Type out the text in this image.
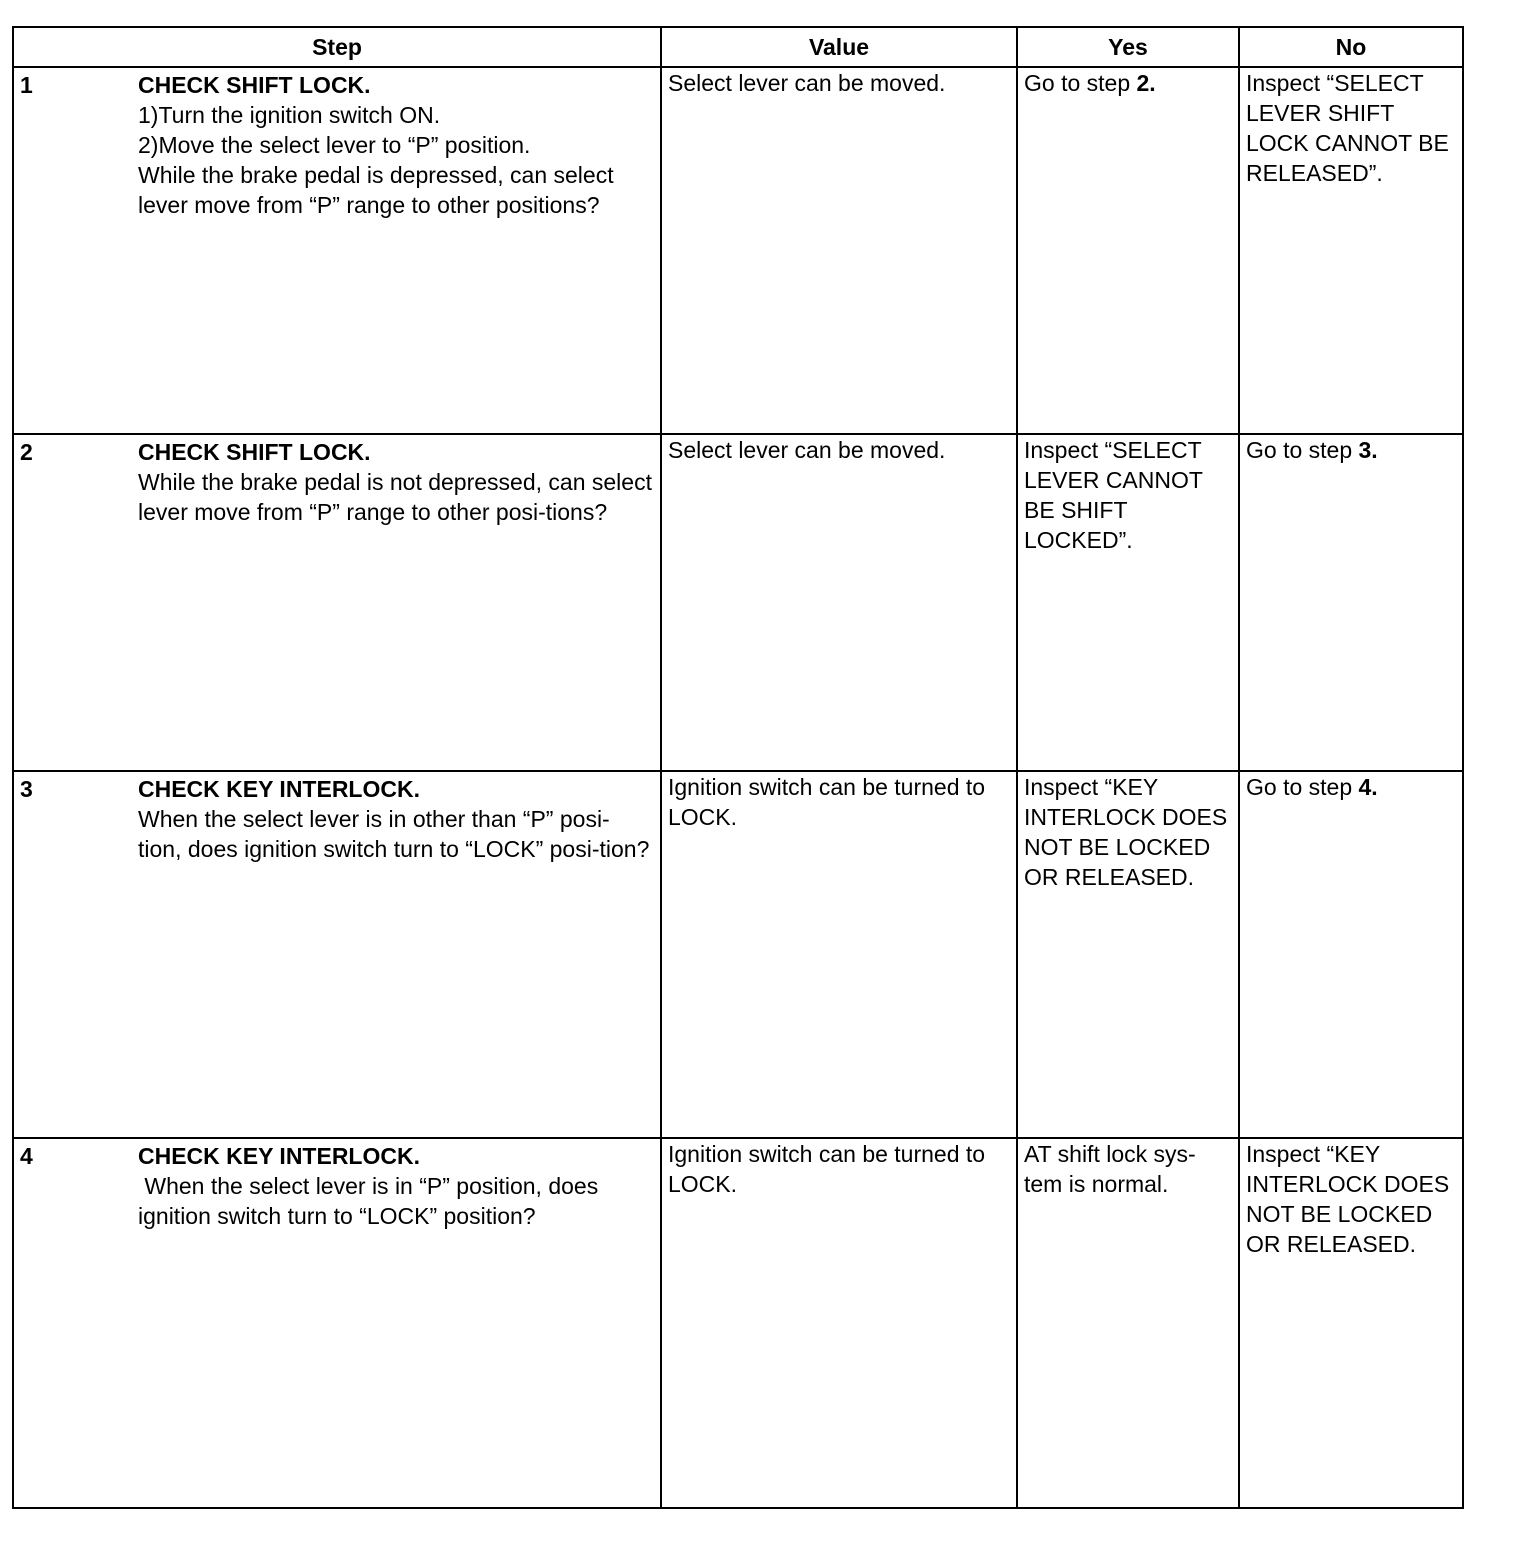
Step	Value	Yes	No

1 CHECK SHIFT LOCK.
1)Turn the ignition switch ON.
2)Move the select lever to “P” position.
While the brake pedal is depressed, can select lever move from “P” range to other positions?	Select lever can be moved.	Go to step 2.	Inspect “SELECT LEVER SHIFT LOCK CANNOT BE RELEASED”.

2 CHECK SHIFT LOCK.
While the brake pedal is not depressed, can select lever move from “P” range to other posi-tions?	Select lever can be moved.	Inspect “SELECT LEVER CANNOT BE SHIFT LOCKED”.	Go to step 3.

3 CHECK KEY INTERLOCK.
When the select lever is in other than “P” posi-tion, does ignition switch turn to “LOCK” posi-tion?	Ignition switch can be turned to LOCK.	Inspect “KEY INTERLOCK DOES NOT BE LOCKED OR RELEASED.	Go to step 4.

4 CHECK KEY INTERLOCK.
When the select lever is in “P” position, does ignition switch turn to “LOCK” position?	Ignition switch can be turned to LOCK.	AT shift lock sys-tem is normal.	Inspect “KEY INTERLOCK DOES NOT BE LOCKED OR RELEASED.
